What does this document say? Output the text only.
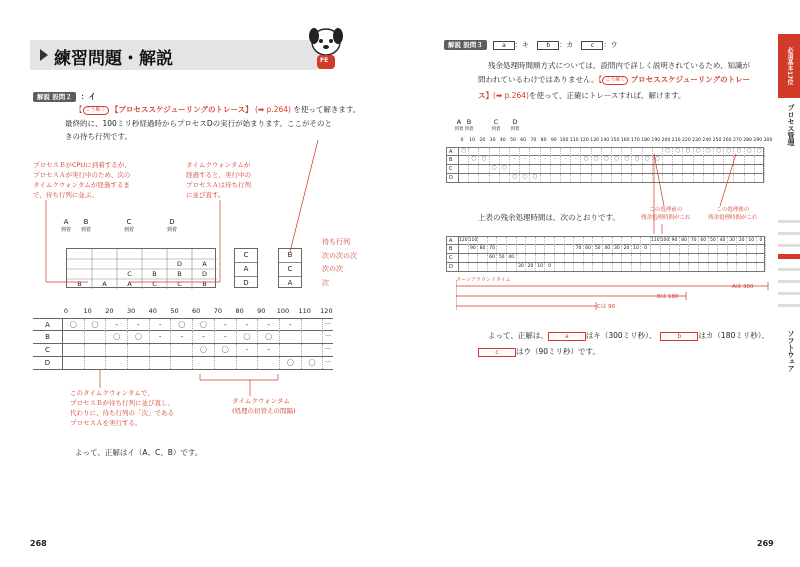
練習問題・解説	FE
解説 設問２ ：イ
【 こう解く 【プロセススケジューリングのトレース】 (➡ p.264) を使って解きます。
最終的に、100ミリ秒経過時からプロセスDの実行が始まります。ここがそのと
きの待ち行列です。
プロセスＢがCPUに到着するが、
プロセスＡが実行中のため、次の
タイムクウォンタムが経過するま
で、待ち行列に並ぶ。
タイムクウォンタムが
経過すると、実行中の
プロセスＡは待ち行列
に並び直す。
A
到着
B
到着
C
到着
D
到着
B	A
C
A
B
C
D
B
C
A
D
B
C
A
D
B
C
A
待ち行列
次の次の次
次の次
次
0	10	20	30	40	50	60	70	80	90	100 110 120
A	〇	〇	-	-	-	〇	〇	-	-	-	-	…
B	〇	〇	-	-	-	-	〇	〇	…
C	〇	〇	-	-	…
D	〇	〇	…
このタイムクウォンタムで、
プロセスＢが待ち行列に並び直し、
代わりに、待ち行列の「次」である
プロセスＡを実行する。
タイムクウォンタム
(処理の切替えの間隔)
よって、正解はイ（A、C、B）です。
268
解説 設問３	a ：キ	b ：カ	c ：ウ
残余処理時間順方式については、設問内で詳しく説明されているため、知識が
問われているわけではありません。【 こう解く プロセススケジューリングのトレー
ス】(➡ p.264)を使って、正確にトレースすれば、解けます。
A
到着
B
到着
C
到着
D
到着
0	10 20 30 40 50 60 70 80 90 100 110 120 130 140 150 160 170 180 190 200 210 220 230 240 250 260 270 280 290 300
A	〇	〇	〇	〇	〇	〇	〇	〇	〇	〇	〇
B	〇	〇	-	-	-	-	-	-	-	〇	〇	〇	〇	〇	〇	〇	〇
C	〇	〇
D	〇	〇	〇
この処理前の
残余処理時間がこれ
この処理後の
残余処理時間がこれ
上表の残余処理時間は、次のとおりです。
A	120 110	110 100 90 80 70 60 50 40 30 20 10	0
B	90 80 70	70 60 50 40 30 20 10	0
C	60 50 40
D	30 20 10	0
ターンアラウンドタイム
Aは 300
Bは 180
Cは 90
よって、正解は、	a はキ（300ミリ秒）、	b はカ（180ミリ秒）、
c はウ（90ミリ秒）です。
269
必須基本17位
プロセス管理
ソフトウェア
